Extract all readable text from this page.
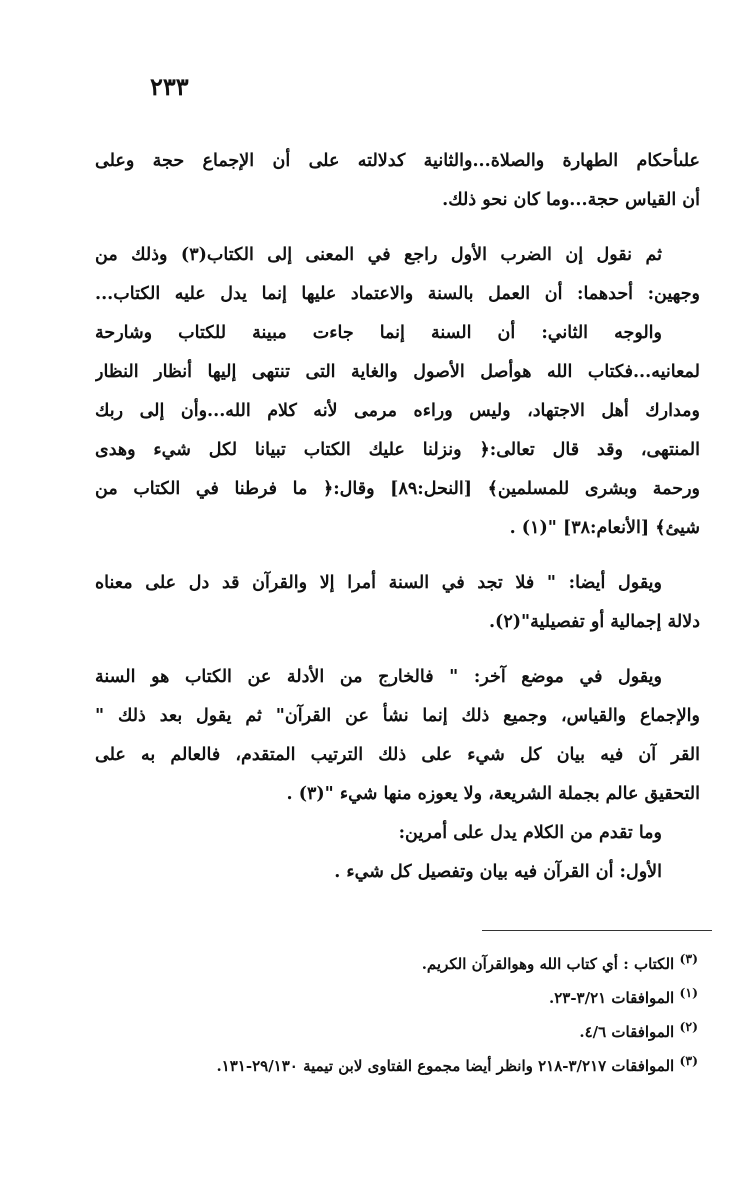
٢٣٣
علىأحكام الطهارة والصلاة...والثانية كدلالته على أن الإجماع حجة وعلى
أن القياس حجة...وما كان نحو ذلك.
ثم نقول إن الضرب الأول راجع في المعنى إلى الكتاب(٣) وذلك من
وجهين: أحدهما: أن العمل بالسنة والاعتماد عليها إنما يدل عليه الكتاب...
والوجه الثاني: أن السنة إنما جاءت مبينة للكتاب وشارحة
لمعانيه...فكتاب الله هوأصل الأصول والغاية التى تنتهى إليها أنظار النظار
ومدارك أهل الاجتهاد، وليس وراءه مرمى لأنه كلام الله...وأن إلى ربك
المنتهى، وقد قال تعالى:﴿ ونزلنا عليك الكتاب تبيانا لكل شيء وهدى
ورحمة وبشرى للمسلمين﴾ [النحل:٨٩] وقال:﴿ ما فرطنا في الكتاب من
شيئ﴾ [الأنعام:٣٨] "(١) .
ويقول أيضا: " فلا تجد في السنة أمرا إلا والقرآن قد دل على معناه
دلالة إجمالية أو تفصيلية"(٢).
ويقول في موضع آخر: " فالخارج من الأدلة عن الكتاب هو السنة
والإجماع والقياس، وجميع ذلك إنما نشأ عن القرآن" ثم يقول بعد ذلك "
القر آن فيه بيان كل شيء على ذلك الترتيب المتقدم، فالعالم به على
التحقيق عالم بجملة الشريعة، ولا يعوزه منها شيء "(٣) .
وما تقدم من الكلام يدل على أمرين:
الأول: أن القرآن فيه بيان وتفصيل كل شيء .
$^{(٣)}$ الكتاب : أي كتاب الله وهوالقرآن الكريم.
$^{(١)}$ الموافقات ٣/٢١-٢٣.
$^{(٢)}$ الموافقات ٤/٦.
$^{(٣)}$ الموافقات ٣/٢١٧-٢١٨ وانظر أيضا مجموع الفتاوى لابن تيمية ٢٩/١٣٠-١٣١.
